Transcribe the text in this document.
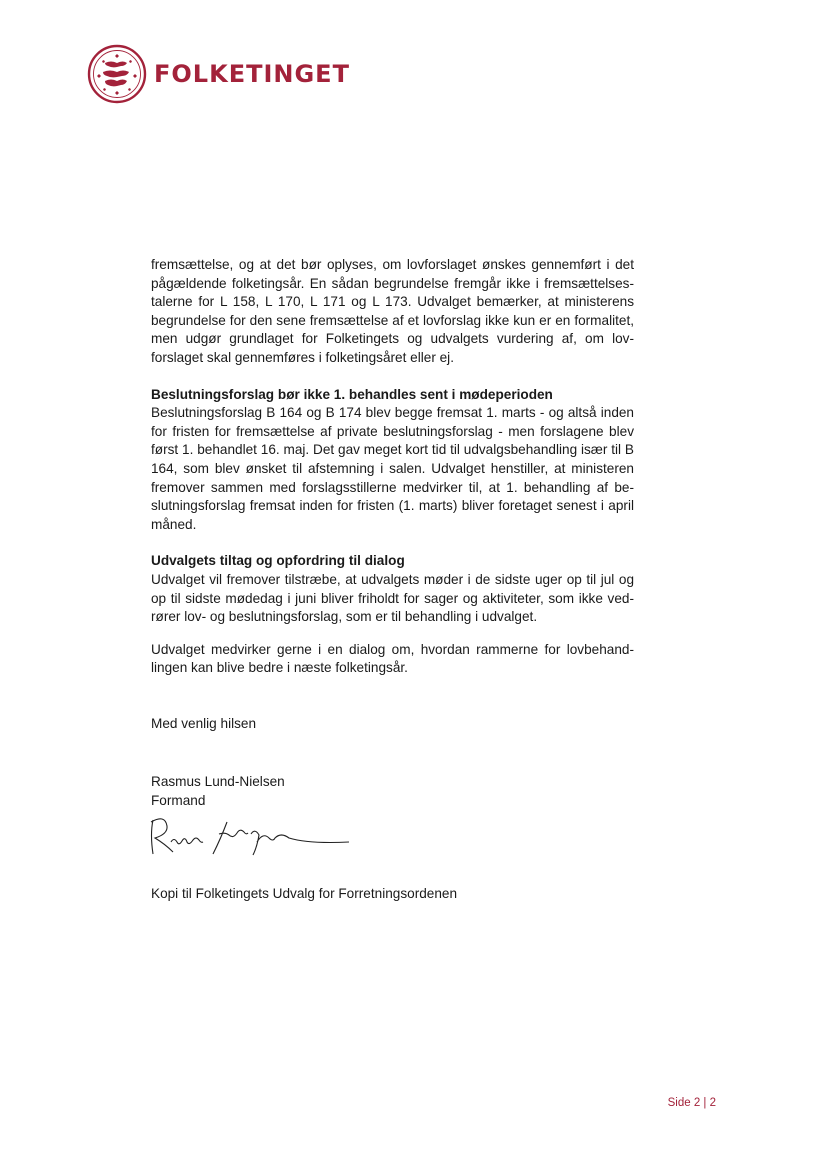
FOLKETINGET

fremsættelse, og at det bør oplyses, om lovforslaget ønskes gennemført i det pågældende folketingsår. En sådan begrundelse fremgår ikke i fremsættelsestalerne for L 158, L 170, L 171 og L 173. Udvalget bemærker, at ministerens begrundelse for den sene fremsættelse af et lovforslag ikke kun er en formalitet, men udgør grundlaget for Folketingets og udvalgets vurdering af, om lovforslaget skal gennemføres i folketingsåret eller ej.

Beslutningsforslag bør ikke 1. behandles sent i mødeperioden

Beslutningsforslag B 164 og B 174 blev begge fremsat 1. marts - og altså inden for fristen for fremsættelse af private beslutningsforslag - men forslagene blev først 1. behandlet 16. maj. Det gav meget kort tid til udvalgsbehandling især til B 164, som blev ønsket til afstemning i salen. Udvalget henstiller, at ministeren fremover sammen med forslagsstillerne medvirker til, at 1. behandling af beslutningsforslag fremsat inden for fristen (1. marts) bliver foretaget senest i april måned.

Udvalgets tiltag og opfordring til dialog

Udvalget vil fremover tilstræbe, at udvalgets møder i de sidste uger op til jul og op til sidste mødedag i juni bliver friholdt for sager og aktiviteter, som ikke vedrører lov- og beslutningsforslag, som er til behandling i udvalget.

Udvalget medvirker gerne i en dialog om, hvordan rammerne for lovbehandlingen kan blive bedre i næste folketingsår.

Med venlig hilsen
Rasmus Lund-Nielsen
Formand
Kopi til Folketingets Udvalg for Forretningsordenen
Side 2 | 2
